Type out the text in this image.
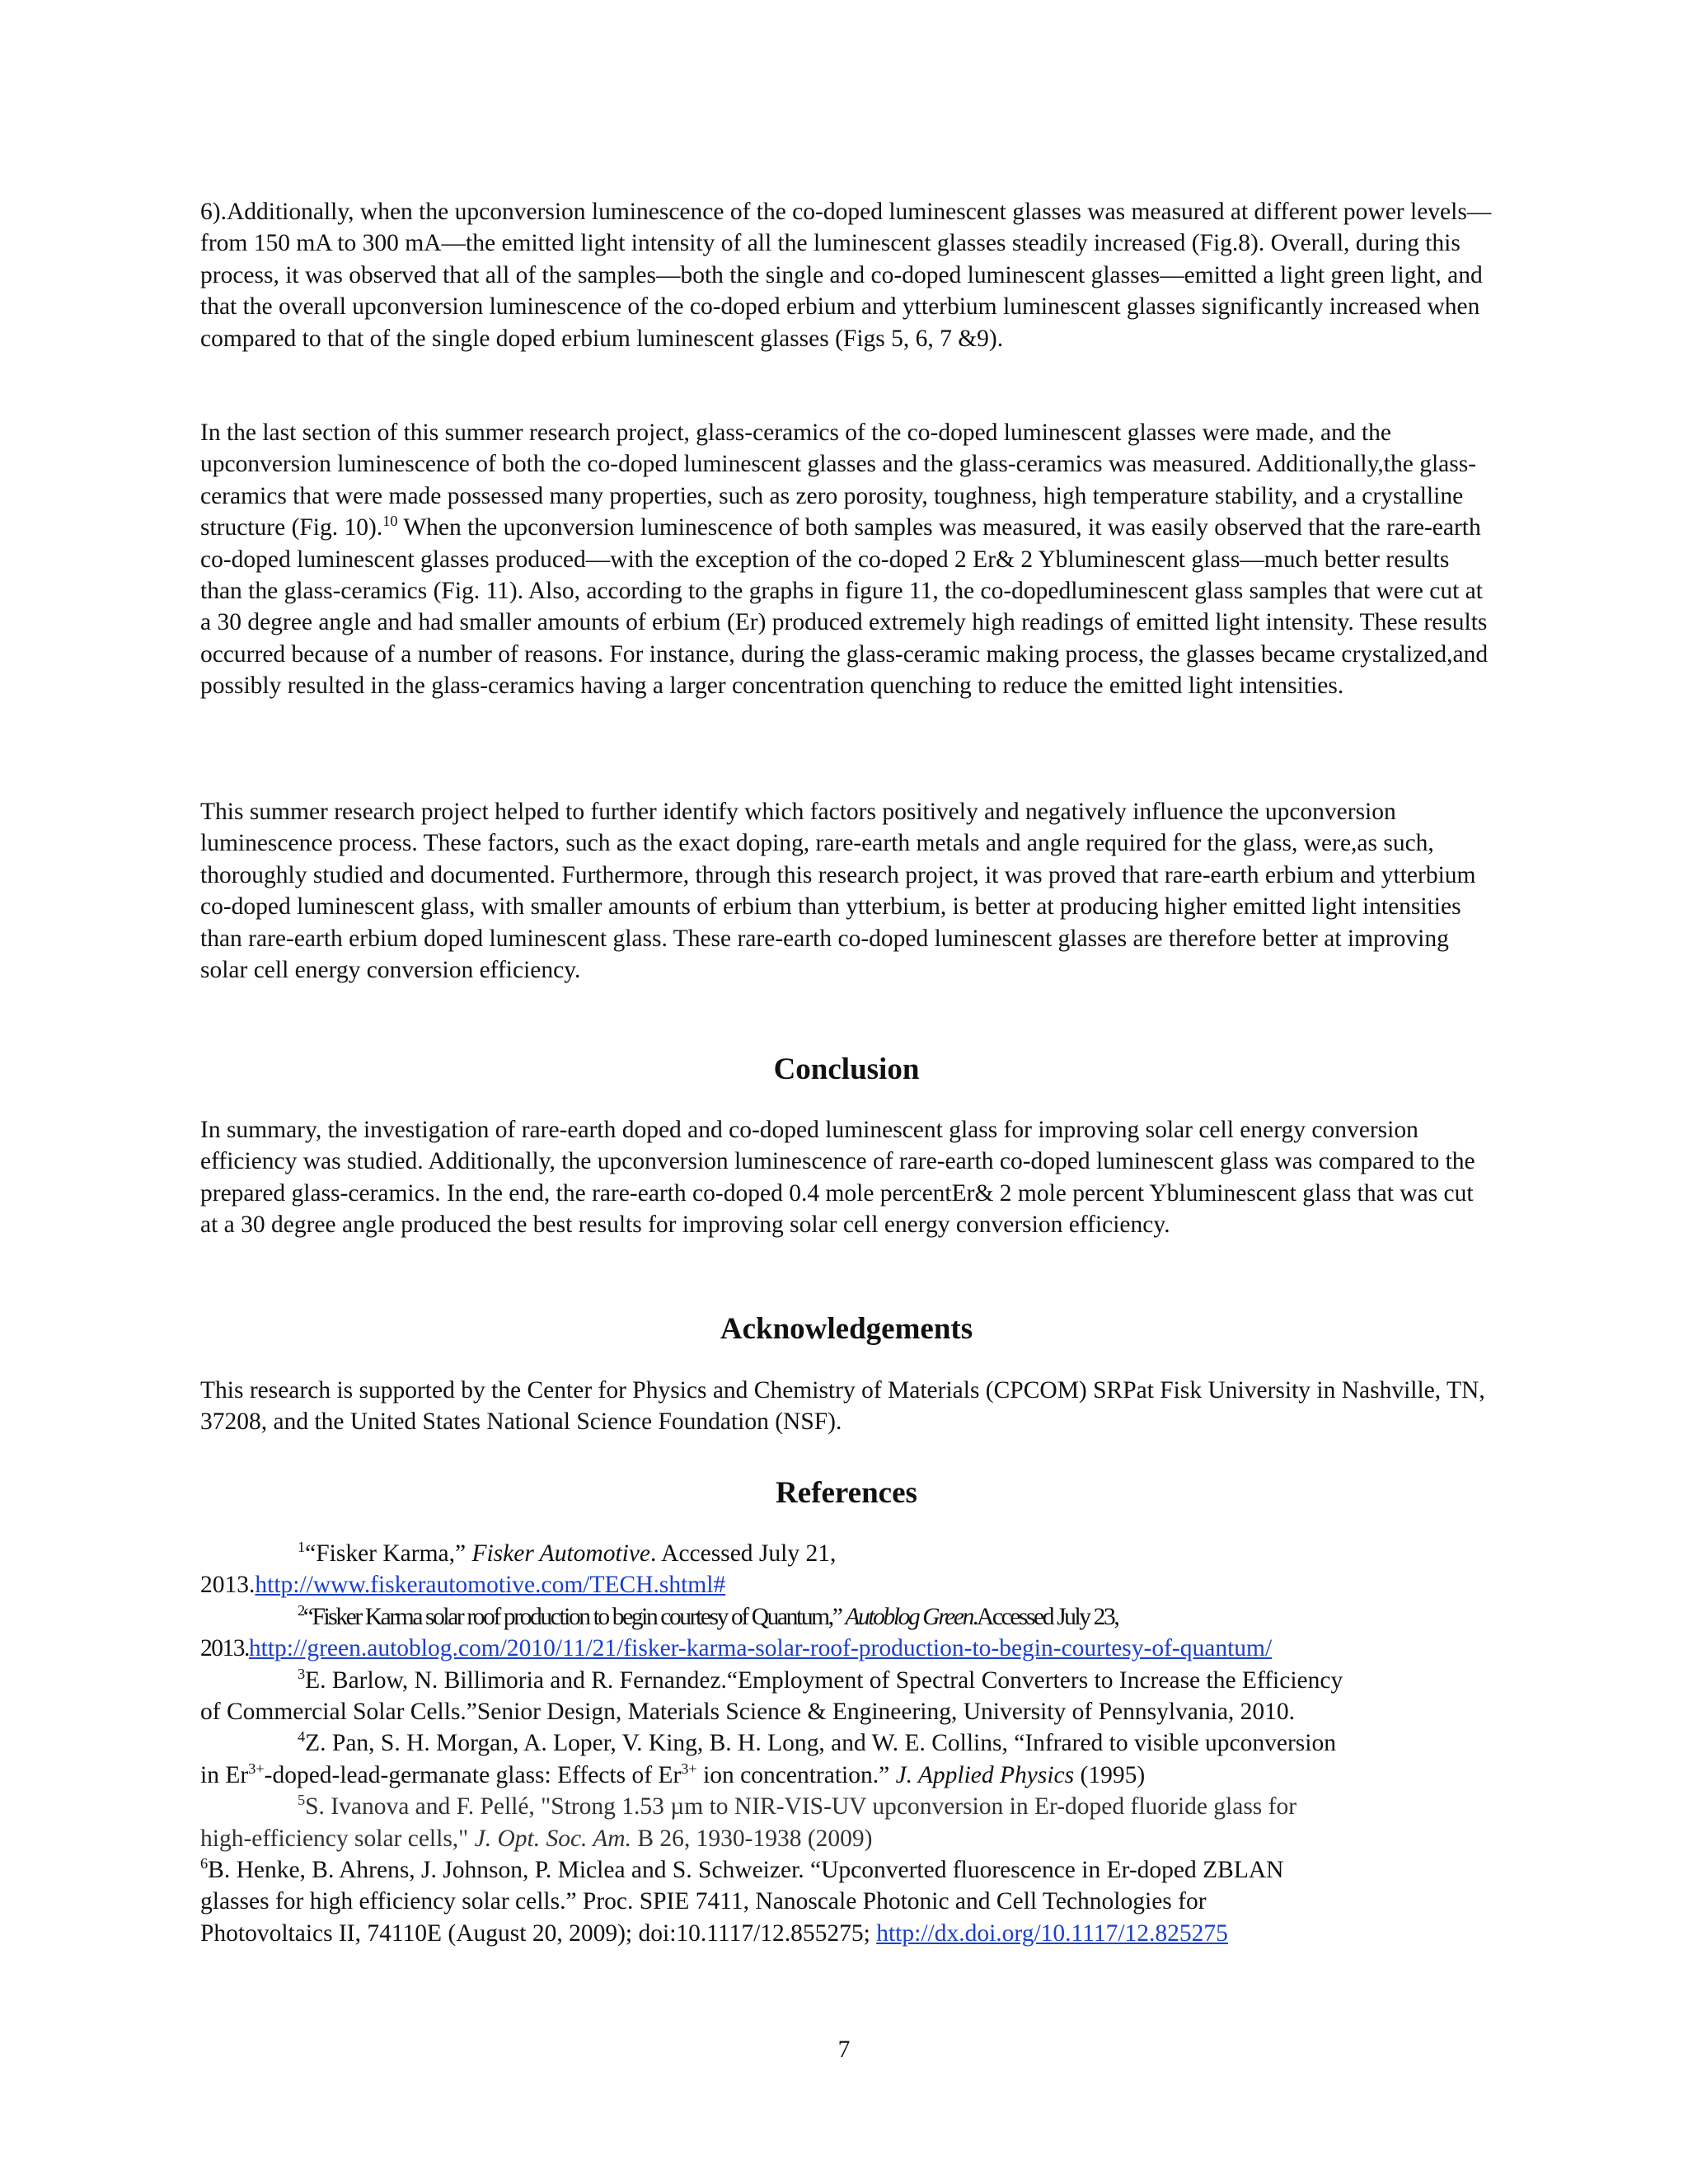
6).Additionally, when the upconversion luminescence of the co-doped luminescent glasses was measured at different power levels—from 150 mA to 300 mA—the emitted light intensity of all the luminescent glasses steadily increased (Fig.8). Overall, during this process, it was observed that all of the samples—both the single and co-doped luminescent glasses—emitted a light green light, and that the overall upconversion luminescence of the co-doped erbium and ytterbium luminescent glasses significantly increased when compared to that of the single doped erbium luminescent glasses (Figs 5, 6, 7 &9).

In the last section of this summer research project, glass-ceramics of the co-doped luminescent glasses were made, and the upconversion luminescence of both the co-doped luminescent glasses and the glass-ceramics was measured. Additionally,the glass-ceramics that were made possessed many properties, such as zero porosity, toughness, high temperature stability, and a crystalline structure (Fig. 10).$^{10}$ When the upconversion luminescence of both samples was measured, it was easily observed that the rare-earth co-doped luminescent glasses produced—with the exception of the co-doped 2 Er& 2 Ybluminescent glass—much better results than the glass-ceramics (Fig. 11). Also, according to the graphs in figure 11, the co-dopedluminescent glass samples that were cut at a 30 degree angle and had smaller amounts of erbium (Er) produced extremely high readings of emitted light intensity. These results occurred because of a number of reasons. For instance, during the glass-ceramic making process, the glasses became crystalized,and possibly resulted in the glass-ceramics having a larger concentration quenching to reduce the emitted light intensities.

This summer research project helped to further identify which factors positively and negatively influence the upconversion luminescence process. These factors, such as the exact doping, rare-earth metals and angle required for the glass, were,as such, thoroughly studied and documented. Furthermore, through this research project, it was proved that rare-earth erbium and ytterbium co-doped luminescent glass, with smaller amounts of erbium than ytterbium, is better at producing higher emitted light intensities than rare-earth erbium doped luminescent glass. These rare-earth co-doped luminescent glasses are therefore better at improving solar cell energy conversion efficiency.

Conclusion

In summary, the investigation of rare-earth doped and co-doped luminescent glass for improving solar cell energy conversion efficiency was studied. Additionally, the upconversion luminescence of rare-earth co-doped luminescent glass was compared to the prepared glass-ceramics. In the end, the rare-earth co-doped 0.4 mole percentEr& 2 mole percent Ybluminescent glass that was cut at a 30 degree angle produced the best results for improving solar cell energy conversion efficiency.

Acknowledgements

This research is supported by the Center for Physics and Chemistry of Materials (CPCOM) SRPat Fisk University in Nashville, TN, 37208, and the United States National Science Foundation (NSF).

References
$^1$“Fisker Karma,” Fisker Automotive. Accessed July 21,
2013.http://www.fiskerautomotive.com/TECH.shtml#
$^2$“Fisker Karma solar roof production to begin courtesy of Quantum,” Autoblog Green.Accessed July 23,
2013.http://green.autoblog.com/2010/11/21/fisker-karma-solar-roof-production-to-begin-courtesy-of-quantum/
$^3$E. Barlow, N. Billimoria and R. Fernandez.“Employment of Spectral Converters to Increase the Efficiency
of Commercial Solar Cells.”Senior Design, Materials Science & Engineering, University of Pennsylvania, 2010.
$^4$Z. Pan, S. H. Morgan, A. Loper, V. King, B. H. Long, and W. E. Collins, “Infrared to visible upconversion
in $Er^{3+}-doped-lead$-germanate glass: Effects of $Er^{3+}$ ion concentration.” J. Applied Physics (1995)
$^5$S. Ivanova and F. Pellé, "Strong 1.53 µm to NIR-VIS-UV upconversion in Er-doped fluoride glass for
high-efficiency solar cells," J. Opt. Soc. Am. B 26, 1930-1938 (2009)
$^6$B. Henke, B. Ahrens, J. Johnson, P. Miclea and S. Schweizer. “Upconverted fluorescence in Er-doped ZBLAN
glasses for high efficiency solar cells.” Proc. SPIE 7411, Nanoscale Photonic and Cell Technologies for
Photovoltaics II, 74110E (August 20, 2009); doi:10.1117/12.855275; http://dx.doi.org/10.1117/12.825275
7
